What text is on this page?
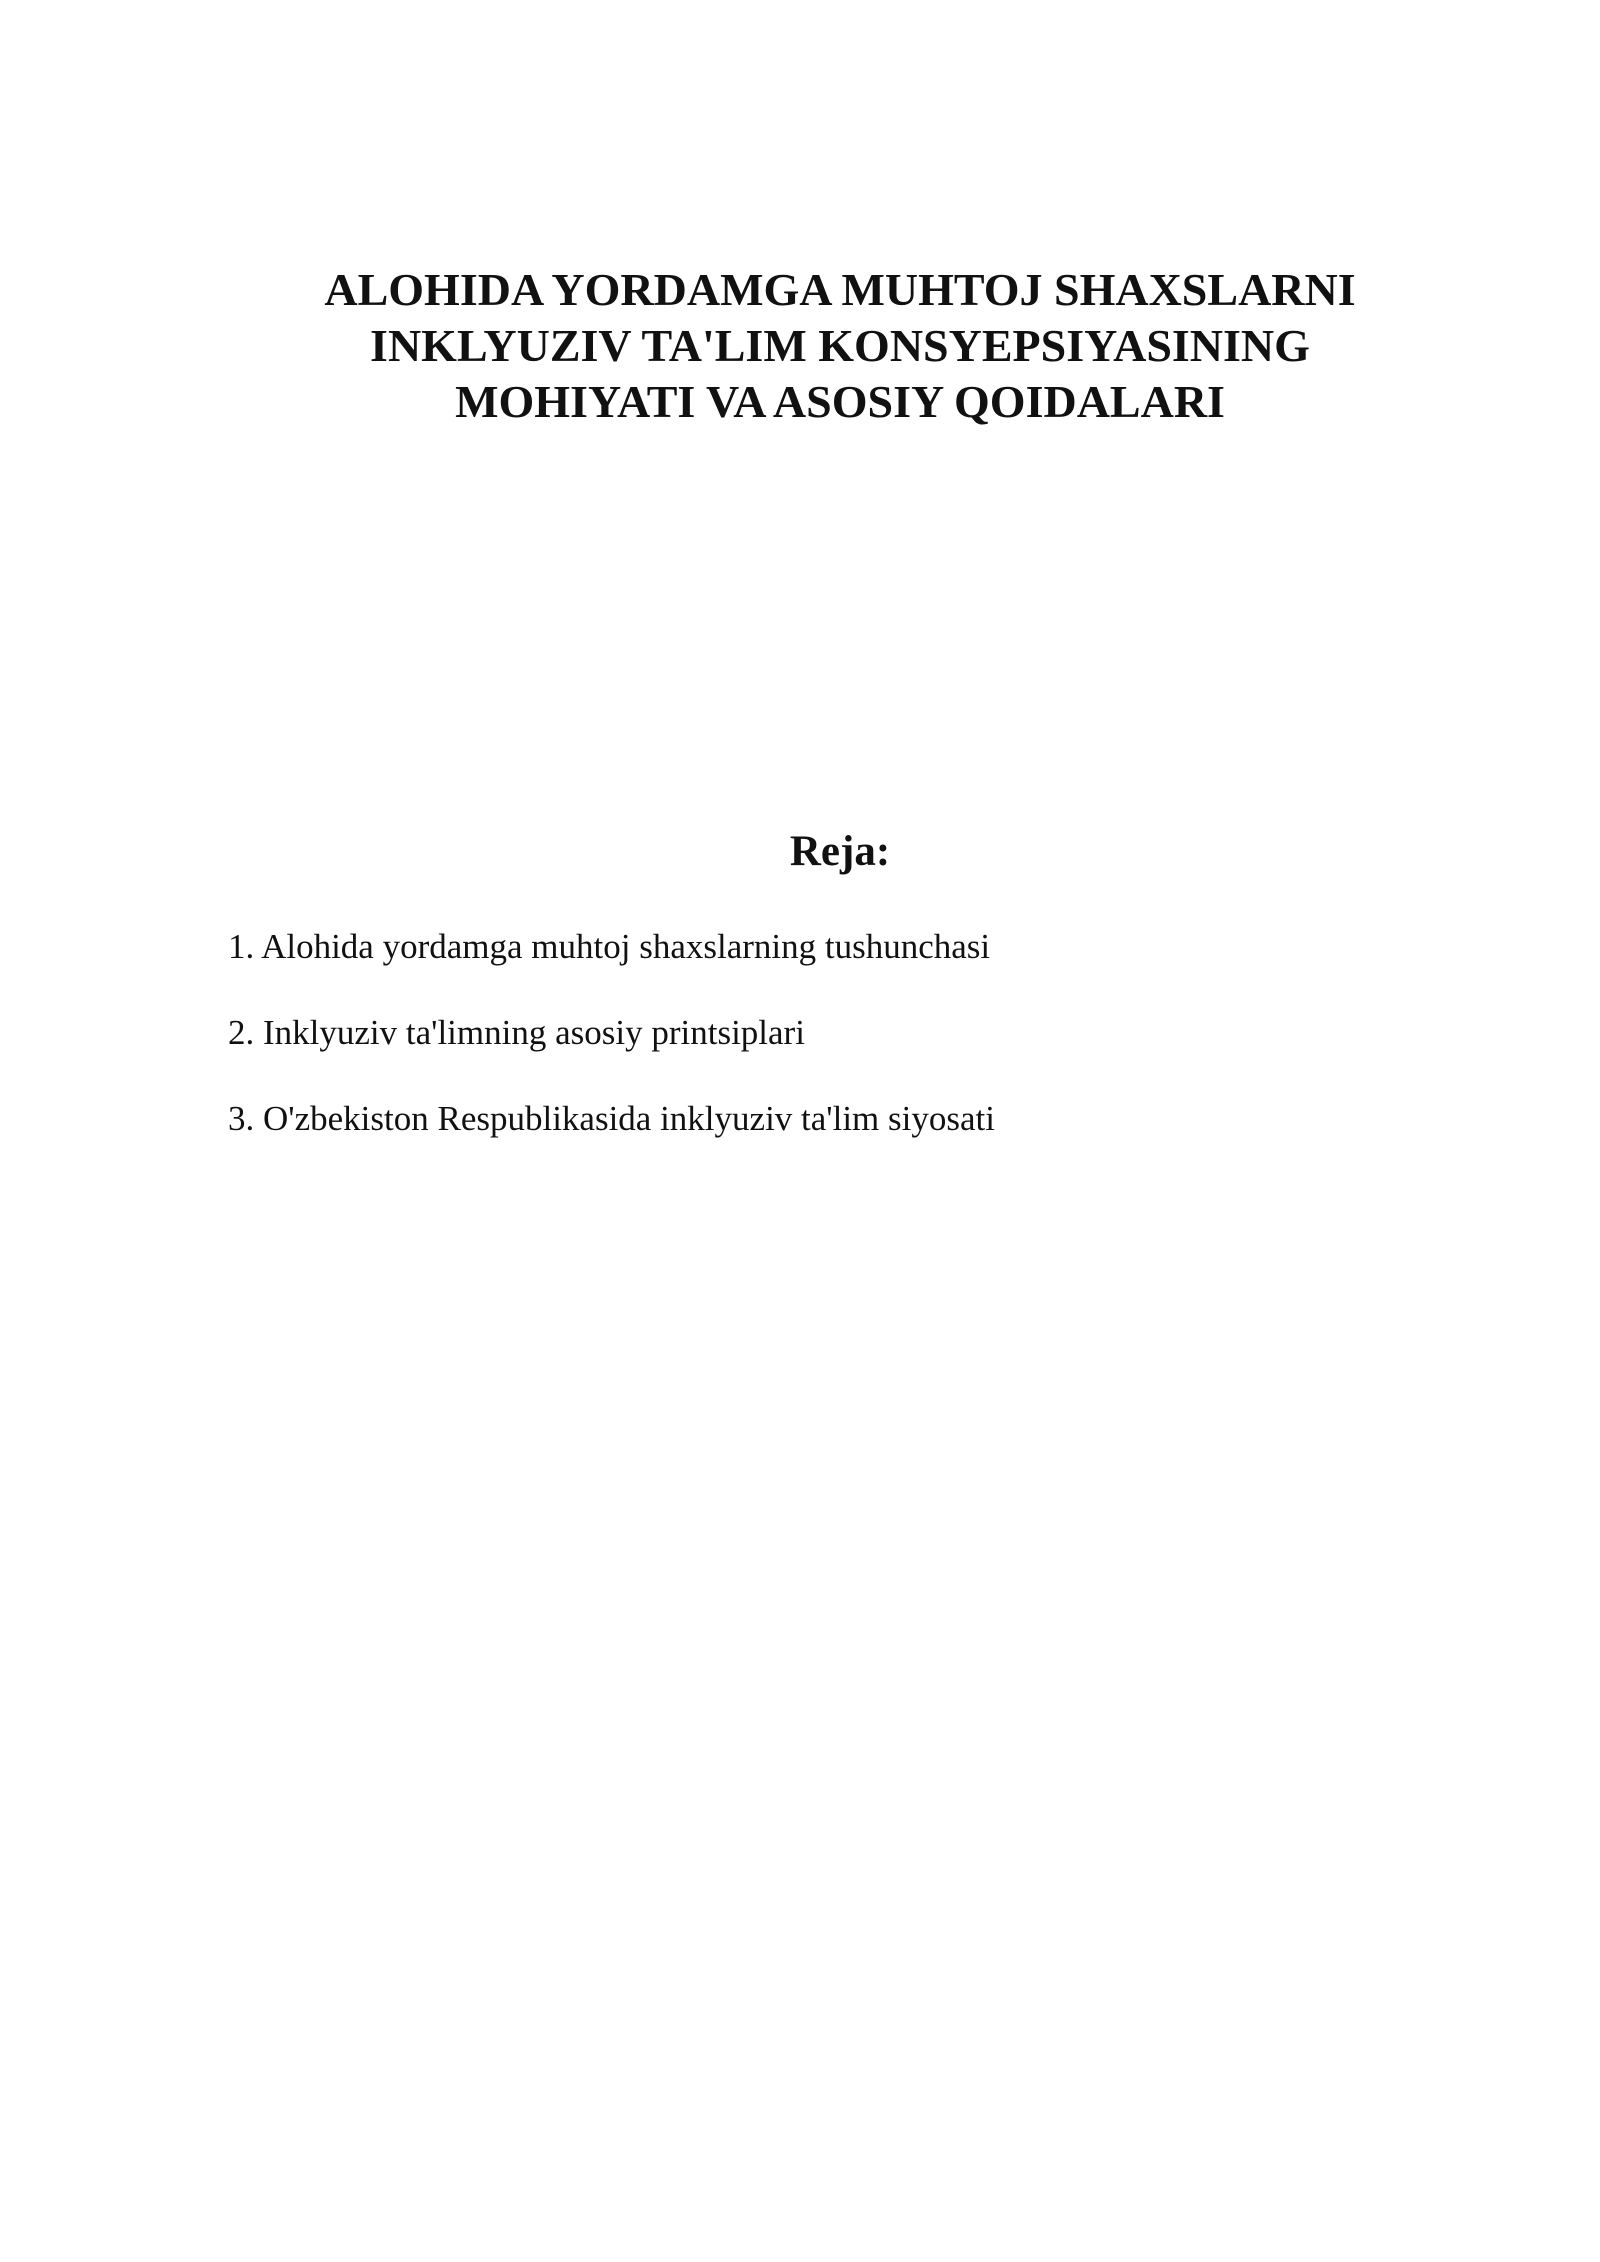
ALOHIDA YORDAMGA MUHTOJ SHAXSLARNI
INKLYUZIV TA'LIM KONSYEPSIYASINING
MOHIYATI VA ASOSIY QOIDALARI
Reja:
1. Alohida yordamga muhtoj shaxslarning tushunchasi
2. Inklyuziv ta'limning asosiy printsiplari
3. O'zbekiston Respublikasida inklyuziv ta'lim siyosati
